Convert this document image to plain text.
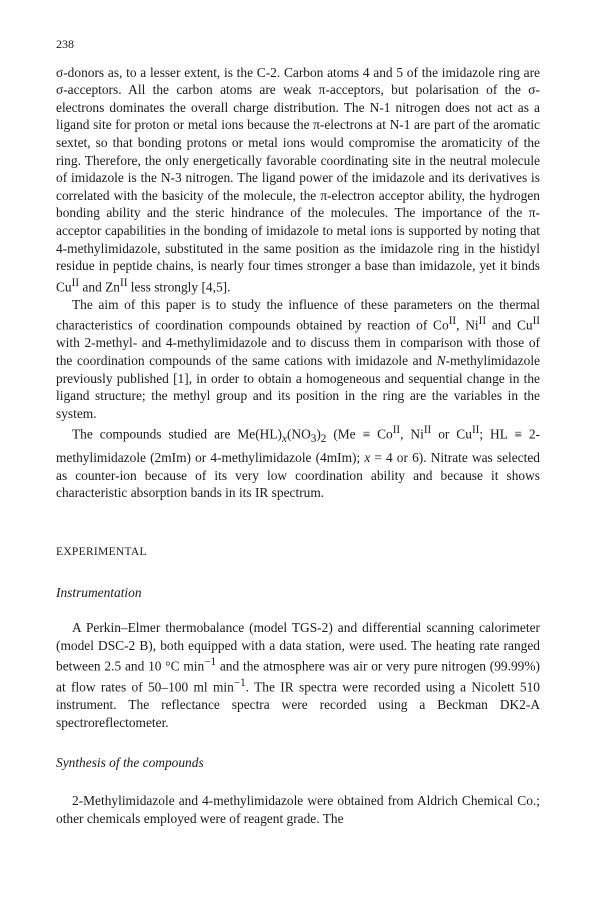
238

σ-donors as, to a lesser extent, is the C-2. Carbon atoms 4 and 5 of the imidazole ring are σ-acceptors. All the carbon atoms are weak π-acceptors, but polarisation of the σ-electrons dominates the overall charge distribution. The N-1 nitrogen does not act as a ligand site for proton or metal ions because the π-electrons at N-1 are part of the aromatic sextet, so that bonding protons or metal ions would compromise the aromaticity of the ring. Therefore, the only energetically favorable coordinating site in the neutral molecule of imidazole is the N-3 nitrogen. The ligand power of the imidazole and its derivatives is correlated with the basicity of the molecule, the π-electron acceptor ability, the hydrogen bonding ability and the steric hindrance of the molecules. The importance of the π-acceptor capabilities in the bonding of imidazole to metal ions is supported by noting that 4-methylimidazole, substituted in the same position as the imidazole ring in the histidyl residue in peptide chains, is nearly four times stronger a base than imidazole, yet it binds $Cu^{II}$ and $Zn^{II}$ less strongly [4,5].

The aim of this paper is to study the influence of these parameters on the thermal characteristics of coordination compounds obtained by reaction of $Co^{II}$, $Ni^{II}$ and $Cu^{II}$ with 2-methyl- and 4-methylimidazole and to discuss them in comparison with those of the coordination compounds of the same cations with imidazole and N-methylimidazole previously published [1], in order to obtain a homogeneous and sequential change in the ligand structure; the methyl group and its position in the ring are the variables in the system.

The compounds studied are $Me(HL)_x(NO_3)_2$ ($Me \equiv Co^{II}$, $Ni^{II}$ or $Cu^{II}$; HL ≡ 2-methylimidazole (2mIm) or 4-methylimidazole (4mIm); x = 4 or 6). Nitrate was selected as counter-ion because of its very low coordination ability and because it shows characteristic absorption bands in its IR spectrum.

EXPERIMENTAL
Instrumentation

A Perkin–Elmer thermobalance (model TGS-2) and differential scanning calorimeter (model DSC-2 B), both equipped with a data station, were used. The heating rate ranged between 2.5 and 10 °C $\min^{-1}$ and the atmosphere was air or very pure nitrogen (99.99%) at flow rates of 50–100 ml $\min^{-1}$. The IR spectra were recorded using a Nicolett 510 instrument. The reflectance spectra were recorded using a Beckman DK2-A spectroreflectometer.

Synthesis of the compounds

2-Methylimidazole and 4-methylimidazole were obtained from Aldrich Chemical Co.; other chemicals employed were of reagent grade. The
